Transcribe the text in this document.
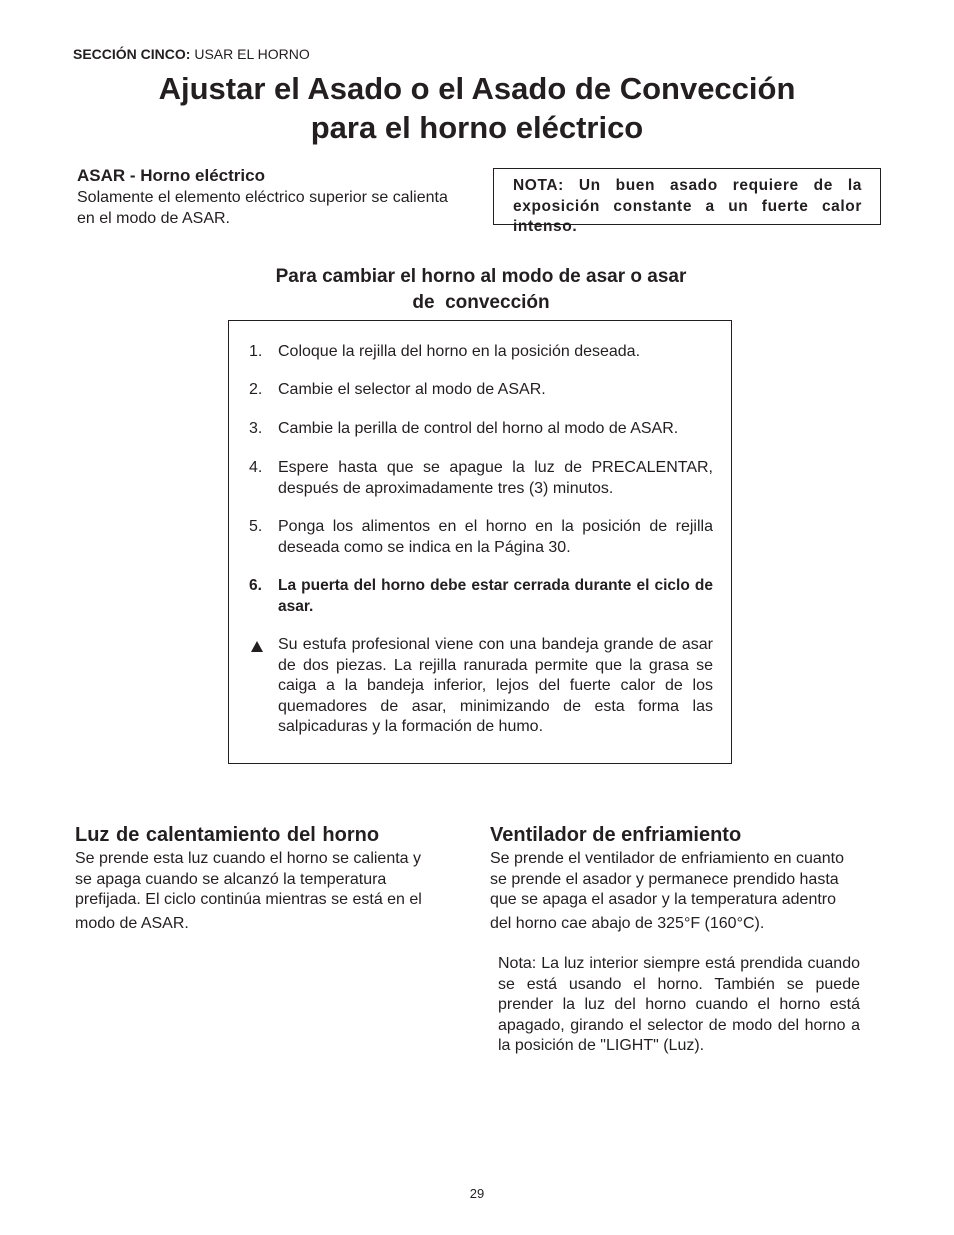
SECCIÓN CINCO: USAR EL HORNO
Ajustar el Asado o el Asado de Convección
para el horno eléctrico
ASAR - Horno eléctrico
Solamente el elemento eléctrico superior se calienta
en el modo de ASAR.
NOTA: Un buen asado requiere de la exposición constante a un fuerte calor intenso.
Para cambiar el horno al modo de asar o asar
de  convección
1. Coloque la rejilla del horno en la posición deseada.
2. Cambie el selector al modo de ASAR.
3. Cambie la perilla de control del horno al modo de ASAR.
4. Espere hasta que se apague la luz de PRECALENTAR, después de aproximadamente tres (3) minutos.
5. Ponga los alimentos en el horno en la posición de rejilla deseada como se indica en la Página 30.
6.	La puerta del horno debe estar cerrada durante el ciclo de asar.
Su estufa profesional viene con una bandeja grande de asar de dos piezas. La rejilla ranurada permite que la grasa se caiga a la bandeja inferior, lejos del fuerte calor de los quemadores de asar, minimizando de esta forma las salpicaduras y la formación de humo.
Luz de calentamiento del horno
Se prende esta luz cuando el horno se calienta y
se apaga cuando se alcanzó la temperatura
prefijada. El ciclo continúa mientras se está en el
modo de ASAR.
Ventilador de enfriamiento
Se prende el ventilador de enfriamiento en cuanto
se prende el asador y permanece prendido hasta
que se apaga el asador y la temperatura adentro
del horno cae abajo de 325°F (160°C).
Nota: La luz interior siempre está prendida cuando se está usando el horno. También se puede prender la luz del horno cuando el horno está apagado, girando el selector de modo del horno a la posición de "LIGHT" (Luz).
29
